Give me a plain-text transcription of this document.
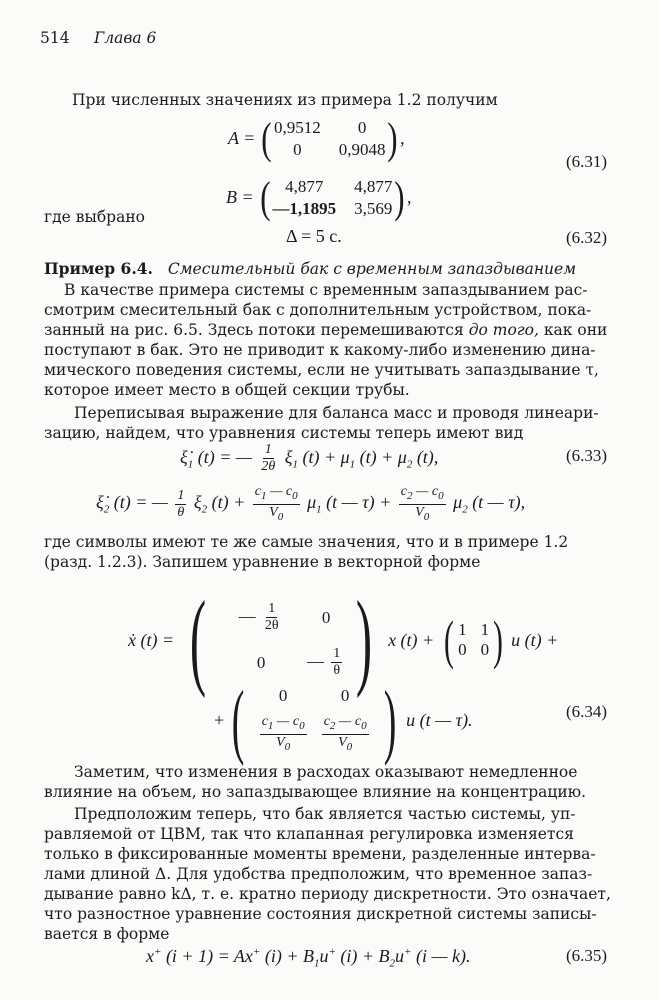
514 Глава 6
При численных значениях из примера 1.2 получим
A = ( 0,9512	0
0	0,9048 ) ,
B = ( 4,877	4,877
—1,1895 3,569 ) ,
(6.31)
где выбрано
Δ = 5 с.	(6.32)
Пример 6.4. Смесительный бак с временным запаздыванием
В качестве примера системы с временным запаздыванием рас-
смотрим смесительный бак с дополнительным устройством, пока-
занный на рис. 6.5. Здесь потоки перемешиваются до того, как они
поступают в бак. Это не приводит к какому-либо изменению дина-
мического поведения системы, если не учитывать запаздывание τ,
которое имеет место в общей секции трубы.
Переписывая выражение для баланса масс и проводя линеари-
зацию, найдем, что уравнения системы теперь имеют вид
$\xi̇_1$ (t) = — $\frac{1}{2\theta} \xi_1$ $(t) + \mu_1$ $(t) + \mu_2$ (t),	(6.33)
$\xi̇_2$ (t) = — $\frac{1}{\theta} \xi_2$ $(t) + \frac{c_1 — c_0}{V_0} \mu_1$ (t — $\tau) + \frac{c_2 — c_0}{V_0} \mu_2$ (t — τ),
где символы имеют те же самые значения, что и в примере 1.2
(разд. 1.2.3). Запишем уравнение в векторной форме
ẋ (t) = (	— $\frac{1}{2\theta}$	0
0	— $\frac{1}{\theta}$ ) x (t) + ( 1 1
0 0 ) u (t) +
+ (	0	0
$\frac{c_1 — c_0}{V_0} \frac{c_2 — c_0}{V_0}$ ) u (t — τ).	(6.34)
Заметим, что изменения в расходах оказывают немедленное
влияние на объем, но запаздывающее влияние на концентрацию.
Предположим теперь, что бак является частью системы, уп-
равляемой от ЦВМ, так что клапанная регулировка изменяется
только в фиксированные моменты времени, разделенные интерва-
лами длиной Δ. Для удобства предположим, что временное запаз-
дывание равно kΔ, т. е. кратно периоду дискретности. Это означает,
что разностное уравнение состояния дискретной системы записы-
вается в форме
x+ (i + 1) = Ax+ $(i) + B_1u^+$ $(i) + B_2u^+$ (i — k).	(6.35)
